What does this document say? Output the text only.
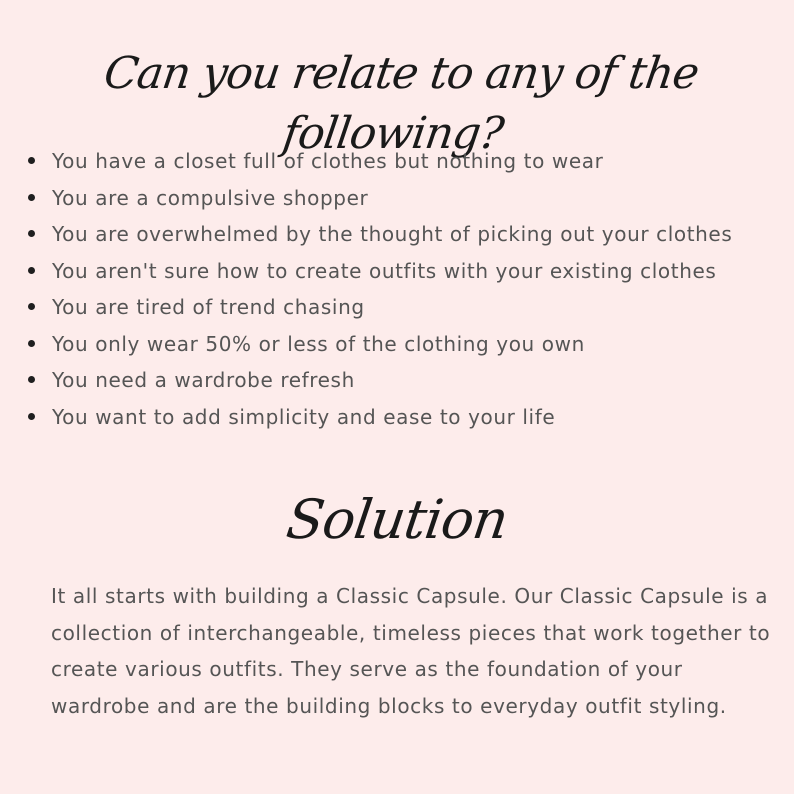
Can you relate to any of the following?
You have a closet full of clothes but nothing to wear
You are a compulsive shopper
You are overwhelmed by the thought of picking out your clothes
You aren't sure how to create outfits with your existing clothes
You are tired of trend chasing
You only wear 50% or less of the clothing you own
You need a wardrobe refresh
You want to add simplicity and ease to your life
Solution

It all starts with building a Classic Capsule. Our Classic Capsule is a collection of interchangeable, timeless pieces that work together to create various outfits. They serve as the foundation of your wardrobe and are the building blocks to everyday outfit styling.
